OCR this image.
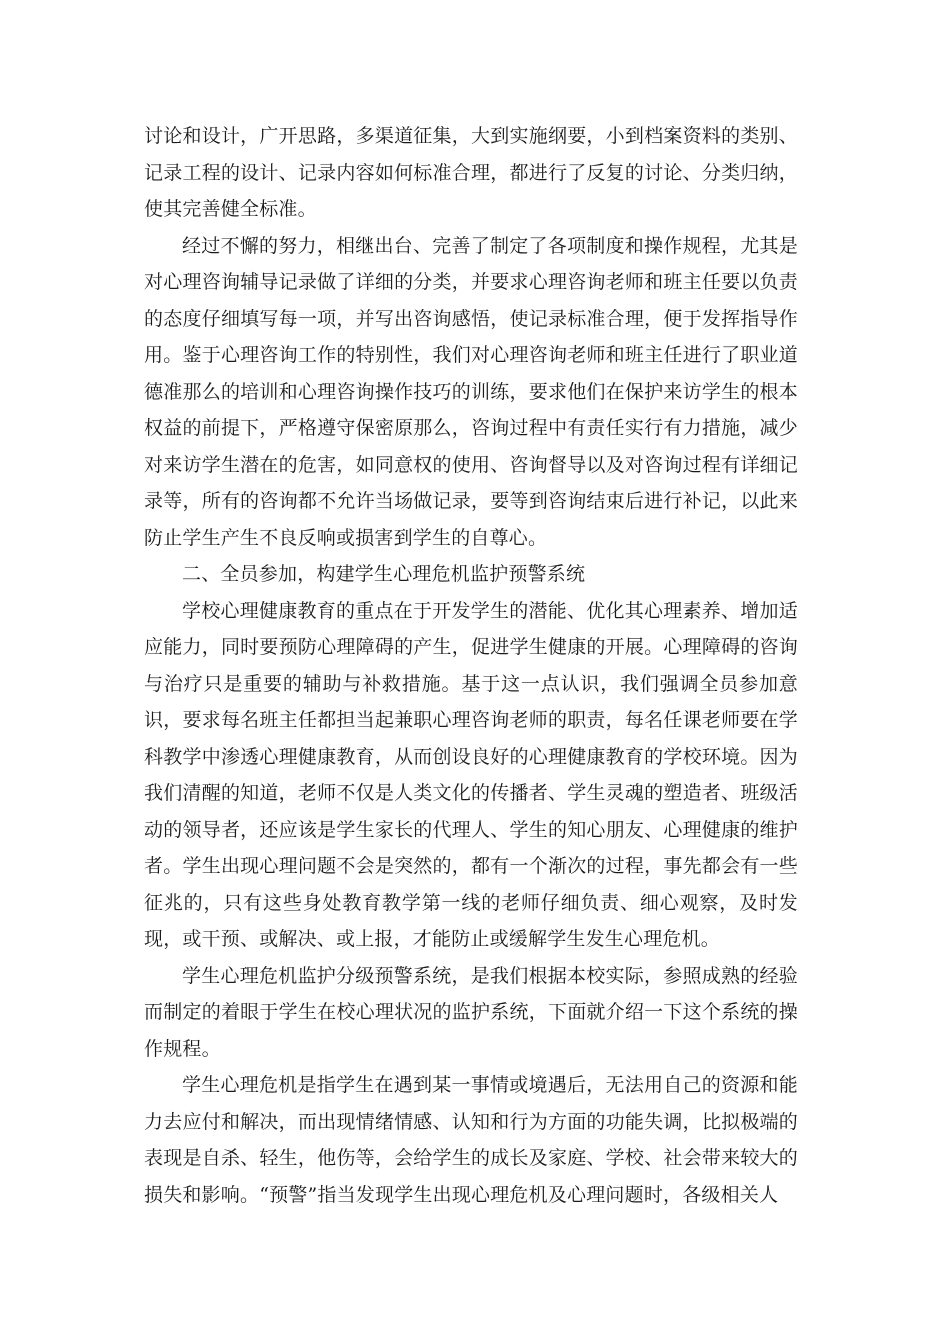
讨论和设计，广开思路，多渠道征集，大到实施纲要，小到档案资料的类别、记录工程的设计、记录内容如何标准合理，都进行了反复的讨论、分类归纳，使其完善健全标准。

经过不懈的努力，相继出台、完善了制定了各项制度和操作规程，尤其是对心理咨询辅导记录做了详细的分类，并要求心理咨询老师和班主任要以负责的态度仔细填写每一项，并写出咨询感悟，使记录标准合理，便于发挥指导作用。鉴于心理咨询工作的特别性，我们对心理咨询老师和班主任进行了职业道德准那么的培训和心理咨询操作技巧的训练，要求他们在保护来访学生的根本权益的前提下，严格遵守保密原那么，咨询过程中有责任实行有力措施，减少对来访学生潜在的危害，如同意权的使用、咨询督导以及对咨询过程有详细记录等，所有的咨询都不允许当场做记录，要等到咨询结束后进行补记，以此来防止学生产生不良反响或损害到学生的自尊心。

二、全员参加，构建学生心理危机监护预警系统

学校心理健康教育的重点在于开发学生的潜能、优化其心理素养、增加适应能力，同时要预防心理障碍的产生，促进学生健康的开展。心理障碍的咨询与治疗只是重要的辅助与补救措施。基于这一点认识，我们强调全员参加意识，要求每名班主任都担当起兼职心理咨询老师的职责，每名任课老师要在学科教学中渗透心理健康教育，从而创设良好的心理健康教育的学校环境。因为我们清醒的知道，老师不仅是人类文化的传播者、学生灵魂的塑造者、班级活动的领导者，还应该是学生家长的代理人、学生的知心朋友、心理健康的维护者。学生出现心理问题不会是突然的，都有一个渐次的过程，事先都会有一些征兆的，只有这些身处教育教学第一线的老师仔细负责、细心观察，及时发现，或干预、或解决、或上报，才能防止或缓解学生发生心理危机。

学生心理危机监护分级预警系统，是我们根据本校实际，参照成熟的经验而制定的着眼于学生在校心理状况的监护系统，下面就介绍一下这个系统的操作规程。

学生心理危机是指学生在遇到某一事情或境遇后，无法用自己的资源和能力去应付和解决，而出现情绪情感、认知和行为方面的功能失调，比拟极端的表现是自杀、轻生，他伤等，会给学生的成长及家庭、学校、社会带来较大的损失和影响。“预警”指当发现学生出现心理危机及心理问题时，各级相关人
